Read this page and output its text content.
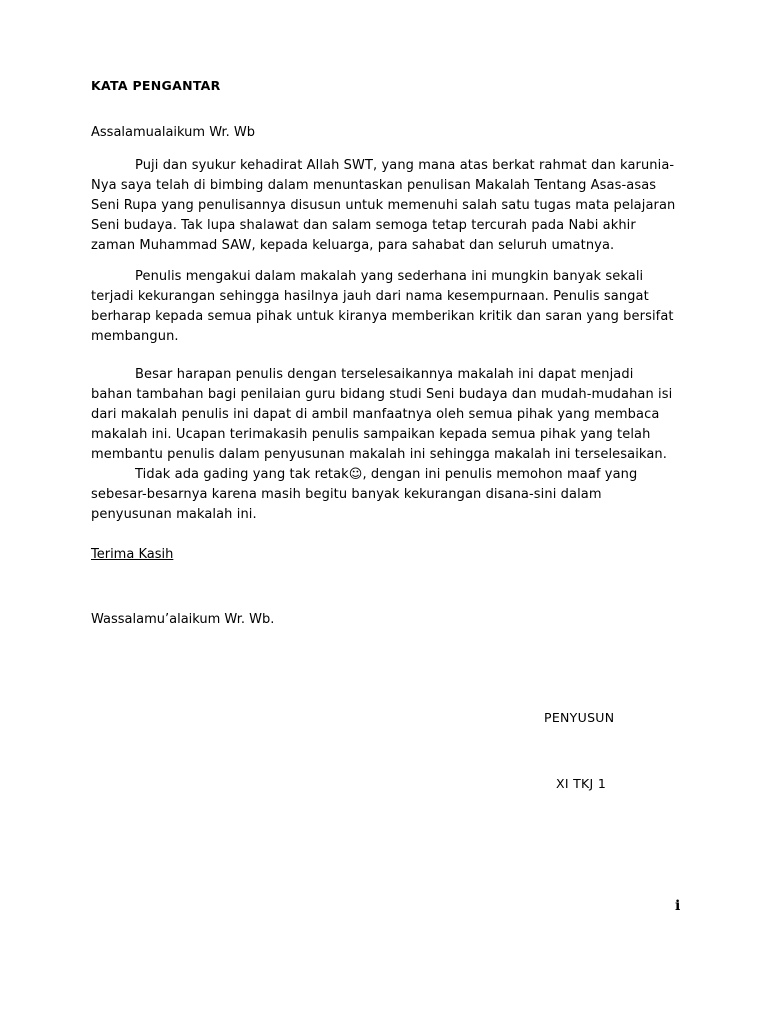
KATA PENGANTAR
Assalamualaikum Wr. Wb

Puji dan syukur kehadirat Allah SWT, yang mana atas berkat rahmat dan karunia-Nya saya telah di bimbing dalam menuntaskan penulisan Makalah Tentang Asas-asas Seni Rupa yang penulisannya disusun untuk memenuhi salah satu tugas mata pelajaran Seni budaya. Tak lupa shalawat dan salam semoga tetap tercurah pada Nabi akhir zaman Muhammad SAW, kepada keluarga, para sahabat dan seluruh umatnya.

Penulis mengakui dalam makalah yang sederhana ini mungkin banyak sekali terjadi kekurangan sehingga hasilnya jauh dari nama kesempurnaan. Penulis sangat berharap kepada semua pihak untuk kiranya memberikan kritik dan saran yang bersifat membangun.

Besar harapan penulis dengan terselesaikannya makalah ini dapat menjadi bahan tambahan bagi penilaian guru bidang studi Seni budaya dan mudah-mudahan isi dari makalah penulis ini dapat di ambil manfaatnya oleh semua pihak yang membaca makalah ini. Ucapan terimakasih penulis sampaikan kepada semua pihak yang telah membantu penulis dalam penyusunan makalah ini sehingga makalah ini terselesaikan.

Tidak ada gading yang tak retak☺, dengan ini penulis memohon maaf yang sebesar-besarnya karena masih begitu banyak kekurangan disana-sini dalam penyusunan makalah ini.

Terima Kasih
Wassalamu’alaikum Wr. Wb.
PENYUSUN
XI TKJ 1
i
